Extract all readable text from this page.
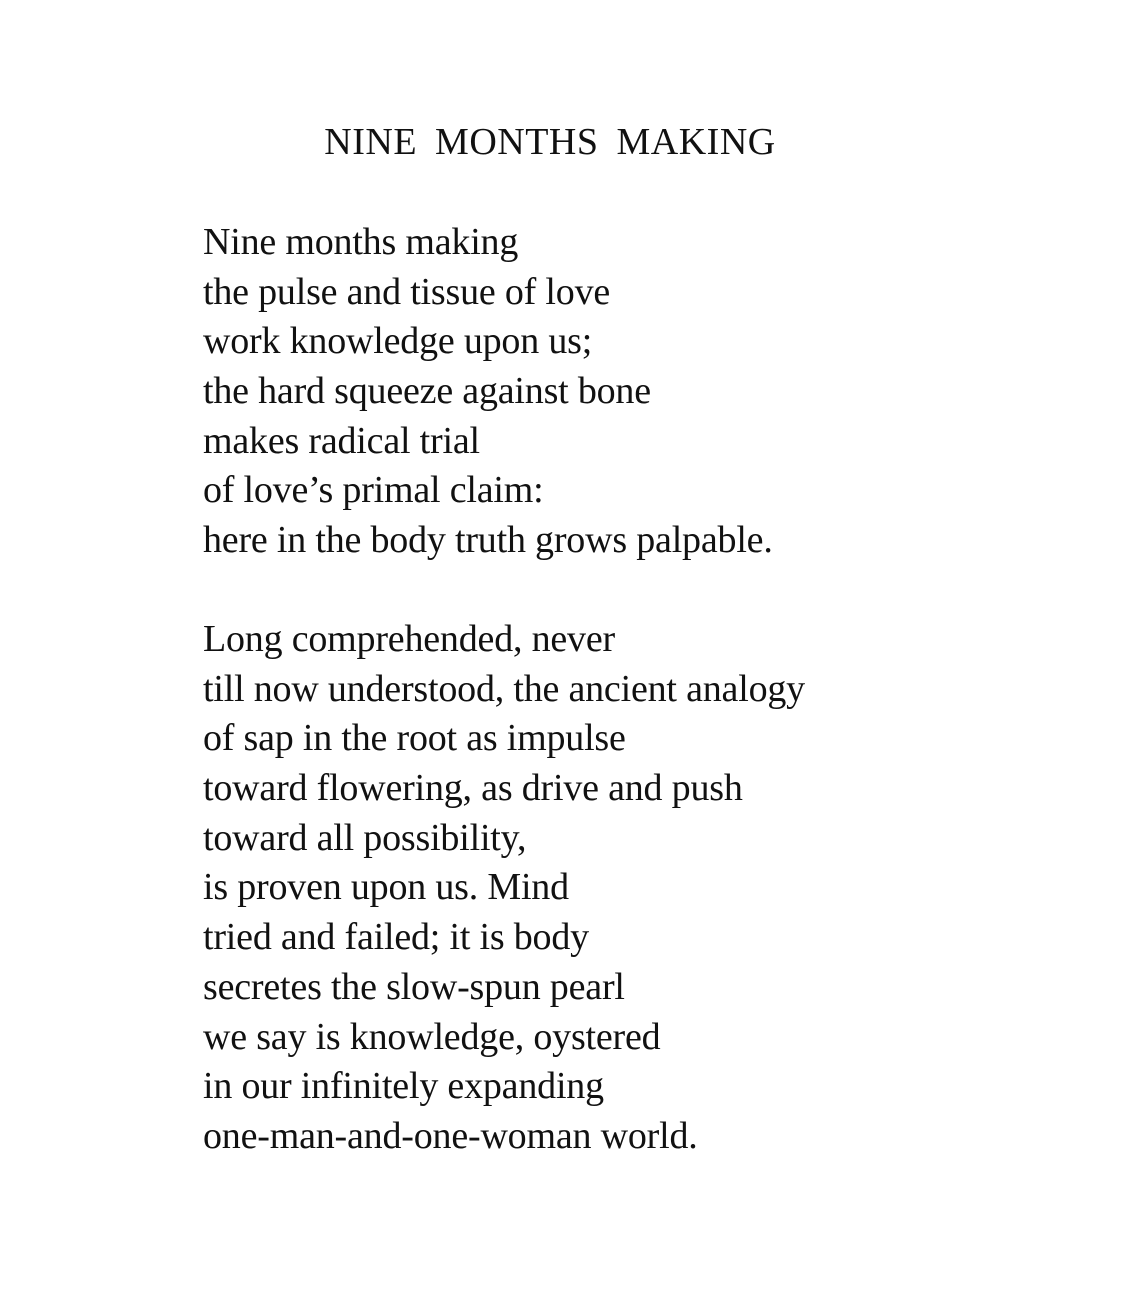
NINE MONTHS MAKING
Nine months making
the pulse and tissue of love
work knowledge upon us;
the hard squeeze against bone
makes radical trial
of love’s primal claim:
here in the body truth grows palpable.
Long comprehended, never
till now understood, the ancient analogy
of sap in the root as impulse
toward flowering, as drive and push
toward all possibility,
is proven upon us. Mind
tried and failed; it is body
secretes the slow-spun pearl
we say is knowledge, oystered
in our infinitely expanding
one-man-and-one-woman world.
